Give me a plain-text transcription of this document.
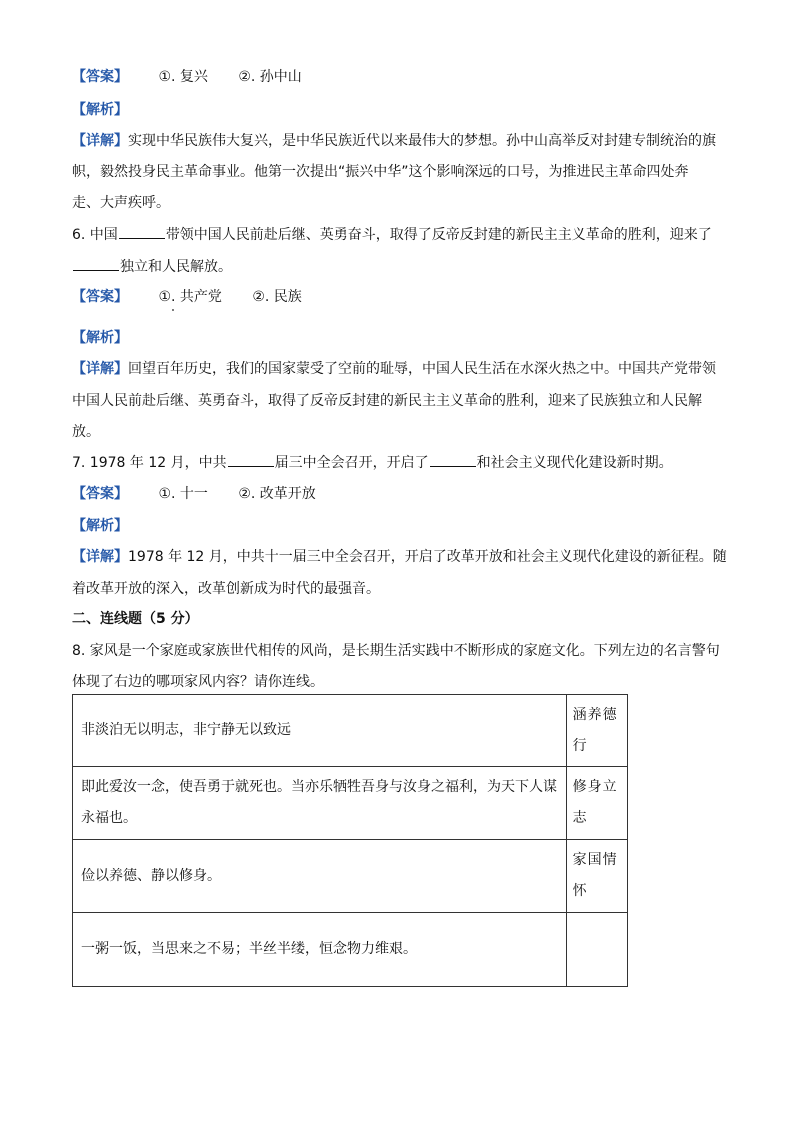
【答案】 ①. 复兴 ②. 孙中山
【解析】
【详解】实现中华民族伟大复兴，是中华民族近代以来最伟大的梦想。孙中山高举反对封建专制统治的旗
帜，毅然投身民主革命事业。他第一次提出“振兴中华”这个影响深远的口号，为推进民主革命四处奔
走、大声疾呼。
6. 中国	带领中国人民前赴后继、英勇奋斗，取得了反帝反封建的新民主主义革命的胜利，迎来了
独立和人民解放。
【答案】 ①. 共产党 ②. 民族
【解析】
【详解】回望百年历史，我们的国家蒙受了空前的耻辱，中国人民生活在水深火热之中。中国共产党带领
中国人民前赴后继、英勇奋斗，取得了反帝反封建的新民主主义革命的胜利，迎来了民族独立和人民解
放。
7. 1978 年 12 月，中共	届三中全会召开，开启了	和社会主义现代化建设新时期。
【答案】 ①. 十一 ②. 改革开放
【解析】
【详解】1978 年 12 月，中共十一届三中全会召开，开启了改革开放和社会主义现代化建设的新征程。随
着改革开放的深入，改革创新成为时代的最强音。
二、连线题（5 分）
8. 家风是一个家庭或家族世代相传的风尚，是长期生活实践中不断形成的家庭文化。下列左边的名言警句
体现了右边的哪项家风内容？请你连线。
非淡泊无以明志，非宁静无以致远	涵养德行
即此爱汝一念，使吾勇于就死也。当亦乐牺牲吾身与汝身之福利，为天下人谋永福也。	修身立志
俭以养德、静以修身。	家国情怀
一粥一饭，当思来之不易；半丝半缕，恒念物力维艰。	
